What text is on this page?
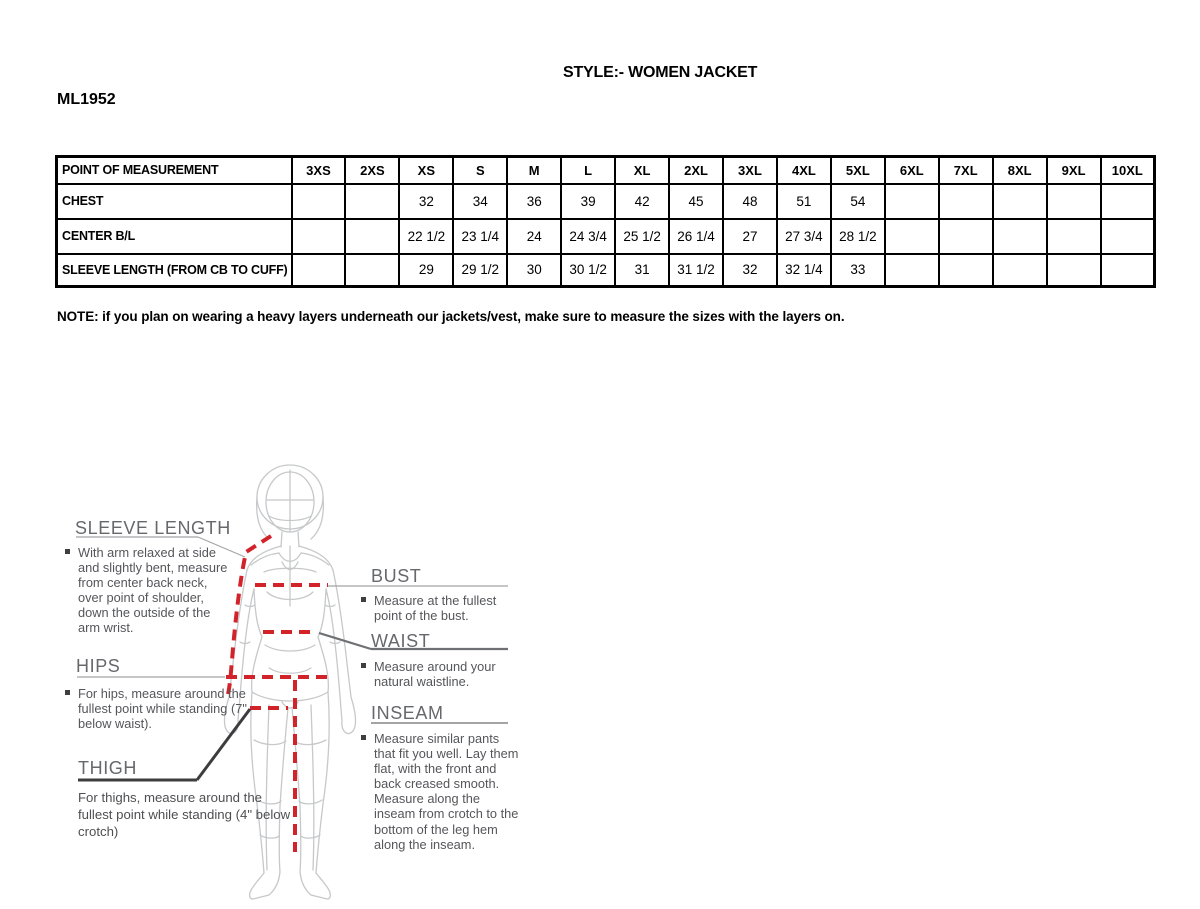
STYLE:- WOMEN JACKET
ML1952
POINT OF MEASUREMENT	3XS	2XS	XS	S	M	L	XL	2XL	3XL	4XL	5XL	6XL	7XL	8XL	9XL	10XL
CHEST			32	34	36	39	42	45	48	51	54					
CENTER B/L			22 1/2	23 1/4	24	24 3/4	25 1/2	26 1/4	27	27 3/4	28 1/2					
SLEEVE LENGTH (FROM CB TO CUFF)			29	29 1/2	30	30 1/2	31	31 1/2	32	32 1/4	33					
NOTE: if you plan on wearing a heavy layers underneath our jackets/vest, make sure to measure the sizes with the layers on.
SLEEVE LENGTH
With arm relaxed at side and slightly bent, measure from center back neck, over point of shoulder, down the outside of the arm wrist.
HIPS
For hips, measure around the fullest point while standing (7" below waist).
THIGH
For thighs, measure around the fullest point while standing (4" below crotch)
BUST
Measure at the fullest point of the bust.
WAIST
Measure around your natural waistline.
INSEAM
Measure similar pants that fit you well. Lay them flat, with the front and back creased smooth. Measure along the inseam from crotch to the bottom of the leg hem along the inseam.
